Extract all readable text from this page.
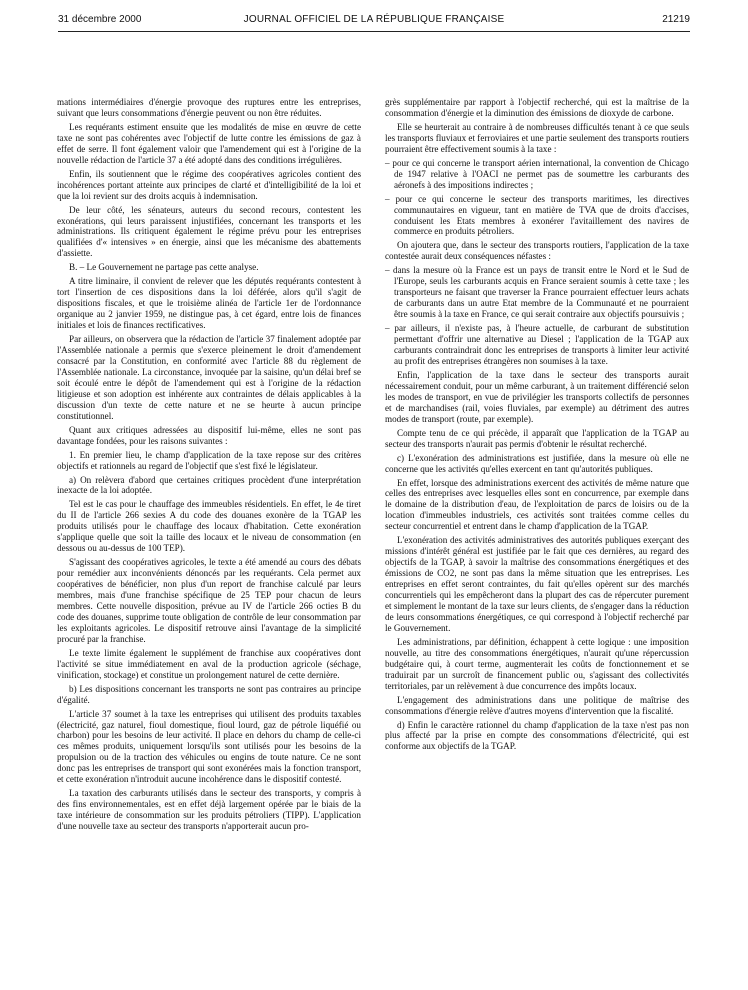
31 décembre 2000	JOURNAL OFFICIEL DE LA RÉPUBLIQUE FRANÇAISE	21219

mations intermédiaires d'énergie provoque des ruptures entre les entreprises, suivant que leurs consommations d'énergie peuvent ou non être réduites.

Les requérants estiment ensuite que les modalités de mise en œuvre de cette taxe ne sont pas cohérentes avec l'objectif de lutte contre les émissions de gaz à effet de serre. Il font également valoir que l'amendement qui est à l'origine de la nouvelle rédaction de l'article 37 a été adopté dans des conditions irrégulières.

Enfin, ils soutiennent que le régime des coopératives agricoles contient des incohérences portant atteinte aux principes de clarté et d'intelligibilité de la loi et que la loi revient sur des droits acquis à indemnisation.

De leur côté, les sénateurs, auteurs du second recours, contestent les exonérations, qui leurs paraissent injustifiées, concernant les transports et les administrations. Ils critiquent également le régime prévu pour les entreprises qualifiées d'« intensives » en énergie, ainsi que les mécanisme des abattements d'assiette.

B. – Le Gouvernement ne partage pas cette analyse.

A titre liminaire, il convient de relever que les députés requérants contestent à tort l'insertion de ces dispositions dans la loi déférée, alors qu'il s'agit de dispositions fiscales, et que le troisième alinéa de l'article 1er de l'ordonnance organique au 2 janvier 1959, ne distingue pas, à cet égard, entre lois de finances initiales et lois de finances rectificatives.

Par ailleurs, on observera que la rédaction de l'article 37 finalement adoptée par l'Assemblée nationale a permis que s'exerce pleinement le droit d'amendement consacré par la Constitution, en conformité avec l'article 88 du règlement de l'Assemblée nationale. La circonstance, invoquée par la saisine, qu'un délai bref se soit écoulé entre le dépôt de l'amendement qui est à l'origine de la rédaction litigieuse et son adoption est inhérente aux contraintes de délais applicables à la discussion d'un texte de cette nature et ne se heurte à aucun principe constitutionnel.

Quant aux critiques adressées au dispositif lui-même, elles ne sont pas davantage fondées, pour les raisons suivantes :

1. En premier lieu, le champ d'application de la taxe repose sur des critères objectifs et rationnels au regard de l'objectif que s'est fixé le législateur.

a) On relèvera d'abord que certaines critiques procèdent d'une interprétation inexacte de la loi adoptée.

Tel est le cas pour le chauffage des immeubles résidentiels. En effet, le 4e tiret du II de l'article 266 sexies A du code des douanes exonère de la TGAP les produits utilisés pour le chauffage des locaux d'habitation. Cette exonération s'applique quelle que soit la taille des locaux et le niveau de consommation (en dessous ou au-dessus de 100 TEP).

S'agissant des coopératives agricoles, le texte a été amendé au cours des débats pour remédier aux inconvénients dénoncés par les requérants. Cela permet aux coopératives de bénéficier, non plus d'un report de franchise calculé par leurs membres, mais d'une franchise spécifique de 25 TEP pour chacun de leurs membres. Cette nouvelle disposition, prévue au IV de l'article 266 octies B du code des douanes, supprime toute obligation de contrôle de leur consommation par les exploitants agricoles. Le dispositif retrouve ainsi l'avantage de la simplicité procuré par la franchise.

Le texte limite également le supplément de franchise aux coopératives dont l'activité se situe immédiatement en aval de la production agricole (séchage, vinification, stockage) et constitue un prolongement naturel de cette dernière.

b) Les dispositions concernant les transports ne sont pas contraires au principe d'égalité.

L'article 37 soumet à la taxe les entreprises qui utilisent des produits taxables (électricité, gaz naturel, fioul domestique, fioul lourd, gaz de pétrole liquéfié ou charbon) pour les besoins de leur activité. Il place en dehors du champ de celle-ci ces mêmes produits, uniquement lorsqu'ils sont utilisés pour les besoins de la propulsion ou de la traction des véhicules ou engins de toute nature. Ce ne sont donc pas les entreprises de transport qui sont exonérées mais la fonction transport, et cette exonération n'introduit aucune incohérence dans le dispositif contesté.

La taxation des carburants utilisés dans le secteur des transports, y compris à des fins environnementales, est en effet déjà largement opérée par le biais de la taxe intérieure de consommation sur les produits pétroliers (TIPP). L'application d'une nouvelle taxe au secteur des transports n'apporterait aucun pro-

grès supplémentaire par rapport à l'objectif recherché, qui est la maîtrise de la consommation d'énergie et la diminution des émissions de dioxyde de carbone.

Elle se heurterait au contraire à de nombreuses difficultés tenant à ce que seuls les transports fluviaux et ferroviaires et une partie seulement des transports routiers pourraient être effectivement soumis à la taxe :

– pour ce qui concerne le transport aérien international, la convention de Chicago de 1947 relative à l'OACI ne permet pas de soumettre les carburants des aéronefs à des impositions indirectes ;

– pour ce qui concerne le secteur des transports maritimes, les directives communautaires en vigueur, tant en matière de TVA que de droits d'accises, conduisent les Etats membres à exonérer l'avitaillement des navires de commerce en produits pétroliers.

On ajoutera que, dans le secteur des transports routiers, l'application de la taxe contestée aurait deux conséquences néfastes :

– dans la mesure où la France est un pays de transit entre le Nord et le Sud de l'Europe, seuls les carburants acquis en France seraient soumis à cette taxe ; les transporteurs ne faisant que traverser la France pourraient effectuer leurs achats de carburants dans un autre Etat membre de la Communauté et ne pourraient être soumis à la taxe en France, ce qui serait contraire aux objectifs poursuivis ;

– par ailleurs, il n'existe pas, à l'heure actuelle, de carburant de substitution permettant d'offrir une alternative au Diesel ; l'application de la TGAP aux carburants contraindrait donc les entreprises de transports à limiter leur activité au profit des entreprises étrangères non soumises à la taxe.

Enfin, l'application de la taxe dans le secteur des transports aurait nécessairement conduit, pour un même carburant, à un traitement différencié selon les modes de transport, en vue de privilégier les transports collectifs de personnes et de marchandises (rail, voies fluviales, par exemple) au détriment des autres modes de transport (route, par exemple).

Compte tenu de ce qui précède, il apparaît que l'application de la TGAP au secteur des transports n'aurait pas permis d'obtenir le résultat recherché.

c) L'exonération des administrations est justifiée, dans la mesure où elle ne concerne que les activités qu'elles exercent en tant qu'autorités publiques.

En effet, lorsque des administrations exercent des activités de même nature que celles des entreprises avec lesquelles elles sont en concurrence, par exemple dans le domaine de la distribution d'eau, de l'exploitation de parcs de loisirs ou de la location d'immeubles industriels, ces activités sont traitées comme celles du secteur concurrentiel et entrent dans le champ d'application de la TGAP.

L'exonération des activités administratives des autorités publiques exerçant des missions d'intérêt général est justifiée par le fait que ces dernières, au regard des objectifs de la TGAP, à savoir la maîtrise des consommations énergétiques et des émissions de CO2, ne sont pas dans la même situation que les entreprises. Les entreprises en effet seront contraintes, du fait qu'elles opèrent sur des marchés concurrentiels qui les empêcheront dans la plupart des cas de répercuter purement et simplement le montant de la taxe sur leurs clients, de s'engager dans la réduction de leurs consommations énergétiques, ce qui correspond à l'objectif recherché par le Gouvernement.

Les administrations, par définition, échappent à cette logique : une imposition nouvelle, au titre des consommations énergétiques, n'aurait qu'une répercussion budgétaire qui, à court terme, augmenterait les coûts de fonctionnement et se traduirait par un surcroît de financement public ou, s'agissant des collectivités territoriales, par un relèvement à due concurrence des impôts locaux.

L'engagement des administrations dans une politique de maîtrise des consommations d'énergie relève d'autres moyens d'intervention que la fiscalité.

d) Enfin le caractère rationnel du champ d'application de la taxe n'est pas non plus affecté par la prise en compte des consommations d'électricité, qui est conforme aux objectifs de la TGAP.
